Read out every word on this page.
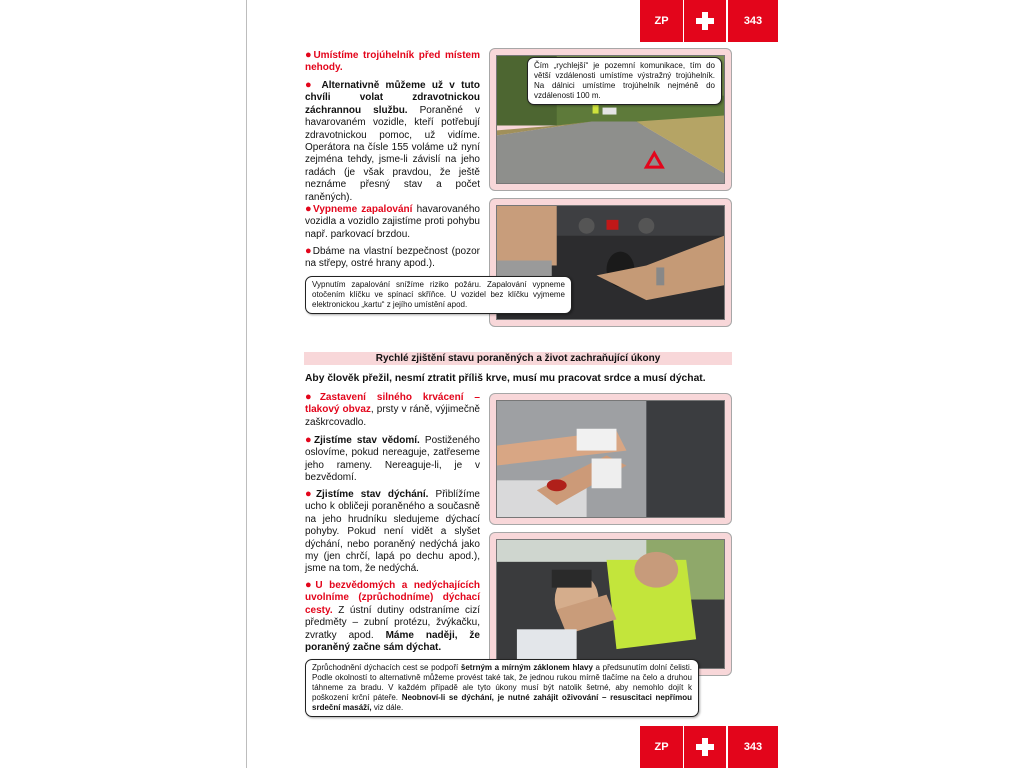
ZP	343
●Umístíme trojúhelník před místem nehody.
● Alternativně můžeme už v tuto chvíli volat zdravotnickou záchrannou službu. Poraněné v havarovaném vozidle, kteří potřebují zdravotnickou pomoc, už vidíme. Operátora na čísle 155 voláme už nyní zejména tehdy, jsme-li závislí na jeho radách (je však pravdou, že ještě neznáme přesný stav a počet raněných).
Čím „rychlejší“ je pozemní komunikace, tím do větší vzdálenosti umístíme výstražný trojúhelník. Na dálnici umístíme trojúhelník nejméně do vzdálenosti 100 m.
●Vypneme zapalování havarovaného vozidla a vozidlo zajistíme proti pohybu např. parkovací brzdou.
●Dbáme na vlastní bezpečnost (pozor na střepy, ostré hrany apod.).
Vypnutím zapalování snížíme riziko požáru. Zapalování vypneme otočením klíčku ve spínací skříňce. U vozidel bez klíčku vyjmeme elektronickou „kartu“ z jejího umístění apod.
Rychlé zjištění stavu poraněných a život zachraňující úkony
Aby člověk přežil, nesmí ztratit příliš krve, musí mu pracovat srdce a musí dýchat.
●Zastavení silného krvácení – tlakový obvaz, prsty v ráně, výjimečně zaškrcovadlo.
●Zjistíme stav vědomí. Postiženého oslovíme, pokud nereaguje, zatřeseme jeho rameny. Nereaguje-li, je v bezvědomí.
●Zjistíme stav dýchání. Přiblížíme ucho k obličeji poraněného a současně na jeho hrudníku sledujeme dýchací pohyby. Pokud není vidět a slyšet dýchání, nebo poraněný nedýchá jako my (jen chrčí, lapá po dechu apod.), jsme na tom, že nedýchá.
●U bezvědomých a nedýchajících uvolníme (zprůchodníme) dýchací cesty. Z ústní dutiny odstraníme cizí předměty – zubní protézu, žvýkačku, zvratky apod. Máme naději, že poraněný začne sám dýchat.
Zprůchodnění dýchacích cest se podpoří šetrným a mírným záklonem hlavy a předsunutím dolní čelisti. Podle okolností to alternativně můžeme provést také tak, že jednou rukou mírně tlačíme na čelo a druhou táhneme za bradu. V každém případě ale tyto úkony musí být natolik šetrné, aby nemohlo dojít k poškození krční páteře. Neobnoví-li se dýchání, je nutné zahájit oživování – resuscitaci nepřímou srdeční masáží, viz dále.
ZP	343
